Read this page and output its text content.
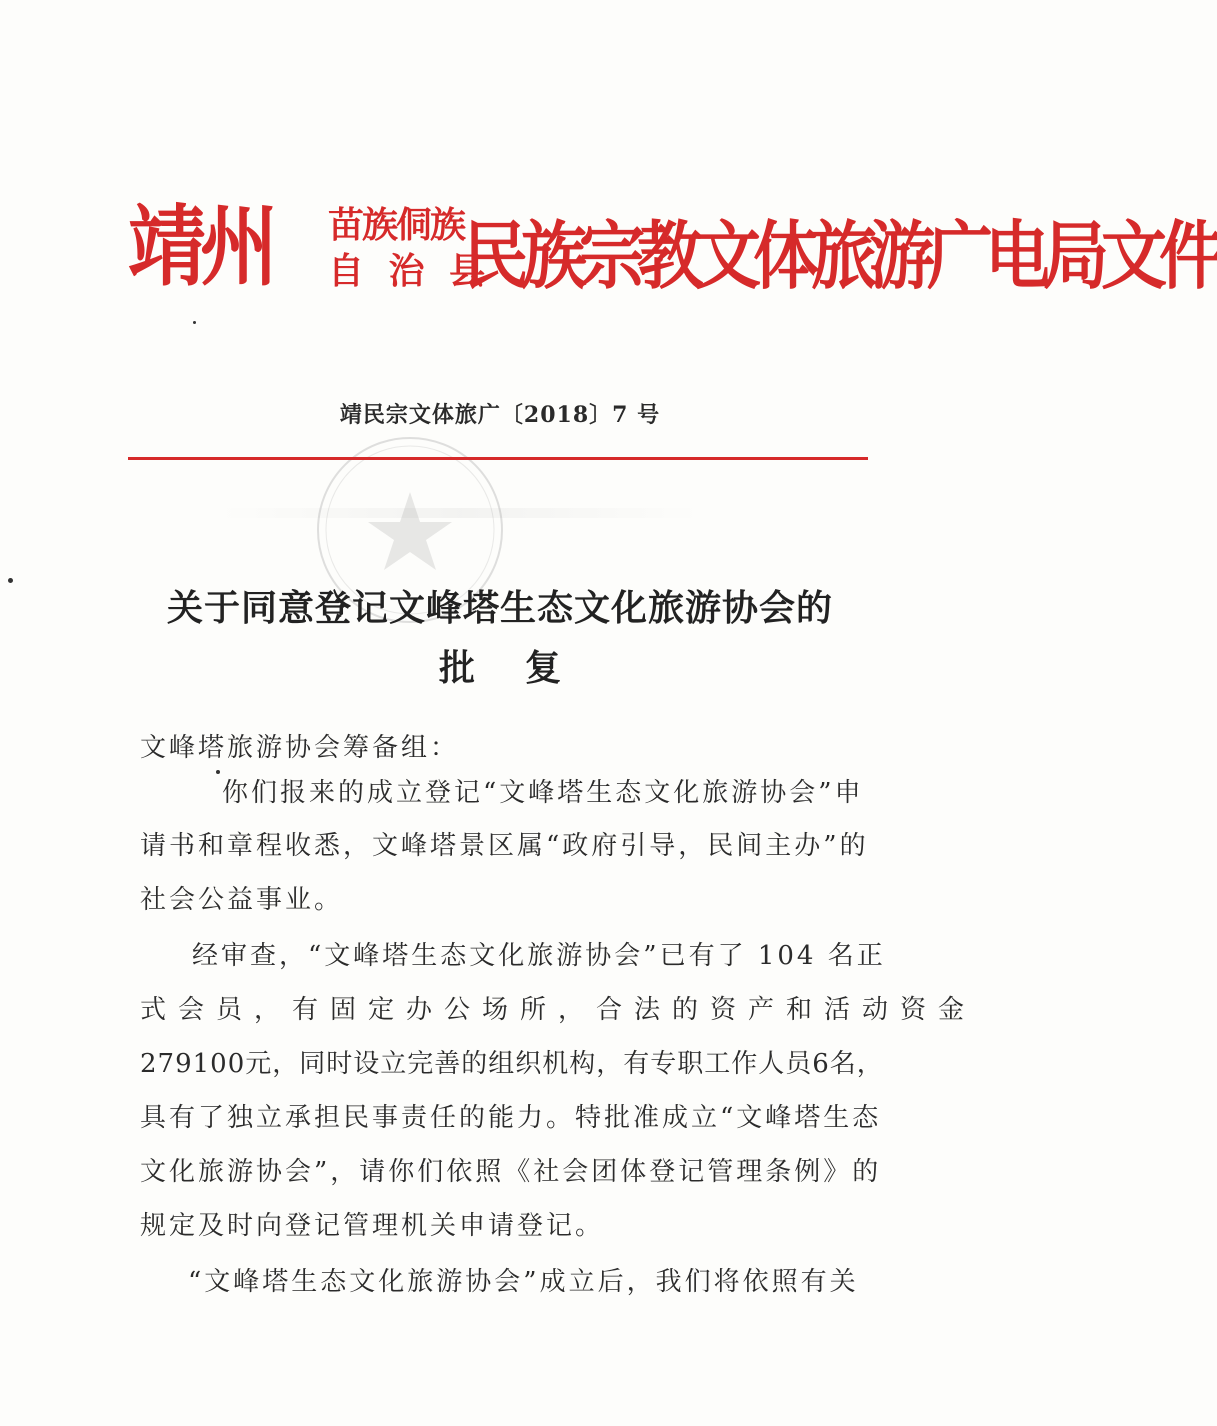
靖州 苗族侗族
自 治 县
民族宗教文体旅游广电局文件
靖民宗文体旅广〔2018〕7 号
关于同意登记文峰塔生态文化旅游协会的
批复
文峰塔旅游协会筹备组：
你们报来的成立登记“文峰塔生态文化旅游协会”申
请书和章程收悉，文峰塔景区属“政府引导，民间主办”的
社会公益事业。
经审查，“文峰塔生态文化旅游协会”已有了 104 名正
式会员，有固定办公场所，合法的资产和活动资金
279100元，同时设立完善的组织机构，有专职工作人员6名，
具有了独立承担民事责任的能力。特批准成立“文峰塔生态
文化旅游协会”，请你们依照《社会团体登记管理条例》的
规定及时向登记管理机关申请登记。
“文峰塔生态文化旅游协会”成立后，我们将依照有关
